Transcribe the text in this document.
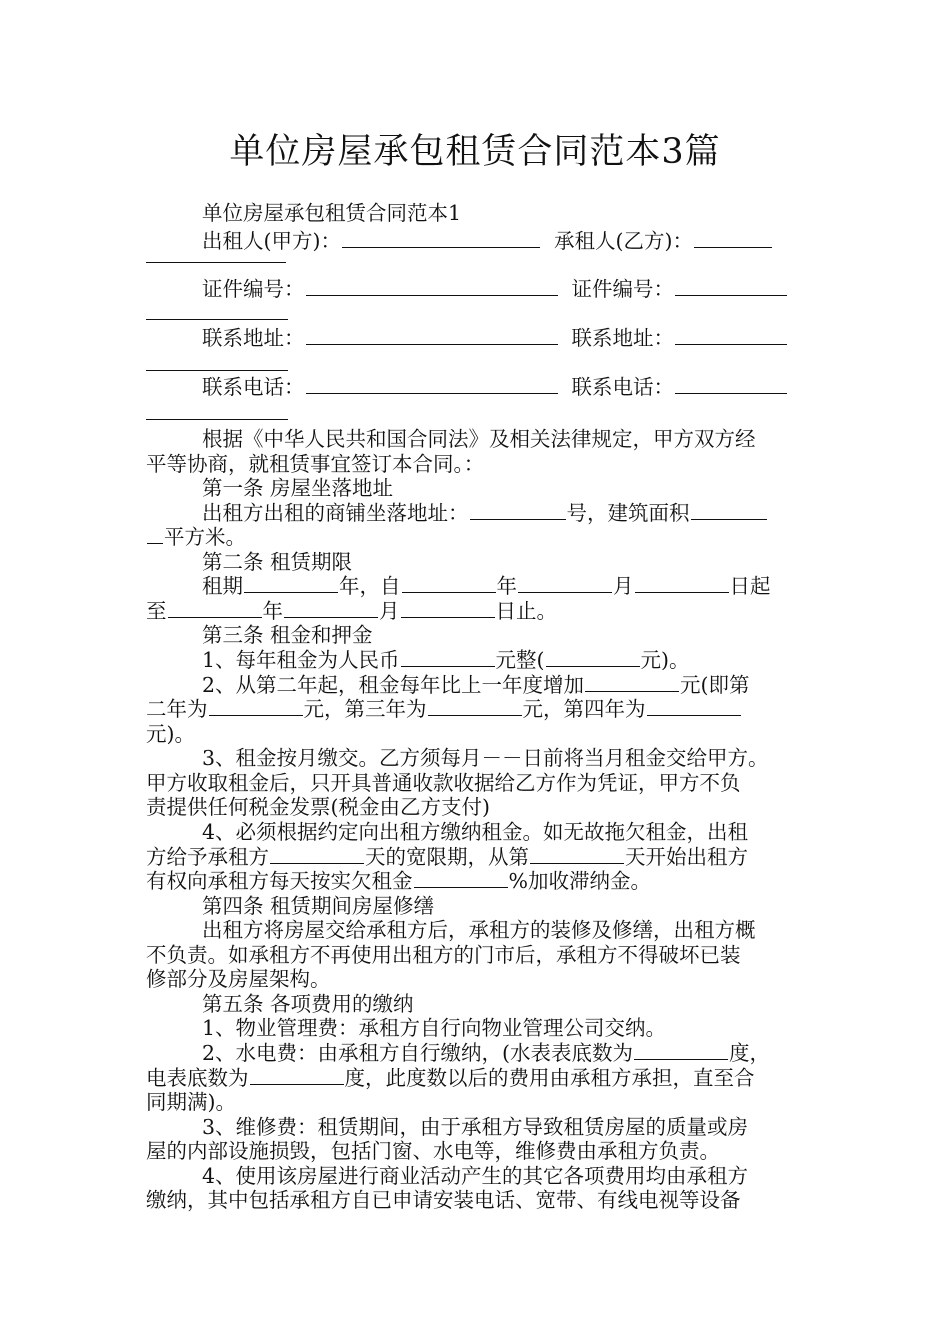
单位房屋承包租赁合同范本3篇
单位房屋承包租赁合同范本1
出租人(甲方)：	承租人(乙方)：
证件编号：	证件编号：
联系地址：	联系地址：
联系电话：	联系电话：
根据《中华人民共和国合同法》及相关法律规定，甲方双方经
平等协商，就租赁事宜签订本合同。：
第一条 房屋坐落地址
出租方出租的商铺坐落地址：	号，建筑面积
平方米。
第二条 租赁期限
租期	年，自	年	月	日起
至	年	月	日止。
第三条 租金和押金
1、每年租金为人民币	元整(	元)。
2、从第二年起，租金每年比上一年度增加	元(即第
二年为	元，第三年为	元，第四年为
元)。
3、租金按月缴交。乙方须每月－－日前将当月租金交给甲方。
甲方收取租金后，只开具普通收款收据给乙方作为凭证，甲方不负
责提供任何税金发票(税金由乙方支付)
4、必须根据约定向出租方缴纳租金。如无故拖欠租金，出租
方给予承租方	天的宽限期，从第	天开始出租方
有权向承租方每天按实欠租金	%加收滞纳金。
第四条 租赁期间房屋修缮
出租方将房屋交给承租方后，承租方的装修及修缮，出租方概
不负责。如承租方不再使用出租方的门市后，承租方不得破坏已装
修部分及房屋架构。
第五条 各项费用的缴纳
1、物业管理费：承租方自行向物业管理公司交纳。
2、水电费：由承租方自行缴纳，(水表表底数为	度，
电表底数为	度，此度数以后的费用由承租方承担，直至合
同期满)。
3、维修费：租赁期间，由于承租方导致租赁房屋的质量或房
屋的内部设施损毁，包括门窗、水电等，维修费由承租方负责。
4、使用该房屋进行商业活动产生的其它各项费用均由承租方
缴纳，其中包括承租方自已申请安装电话、宽带、有线电视等设备
